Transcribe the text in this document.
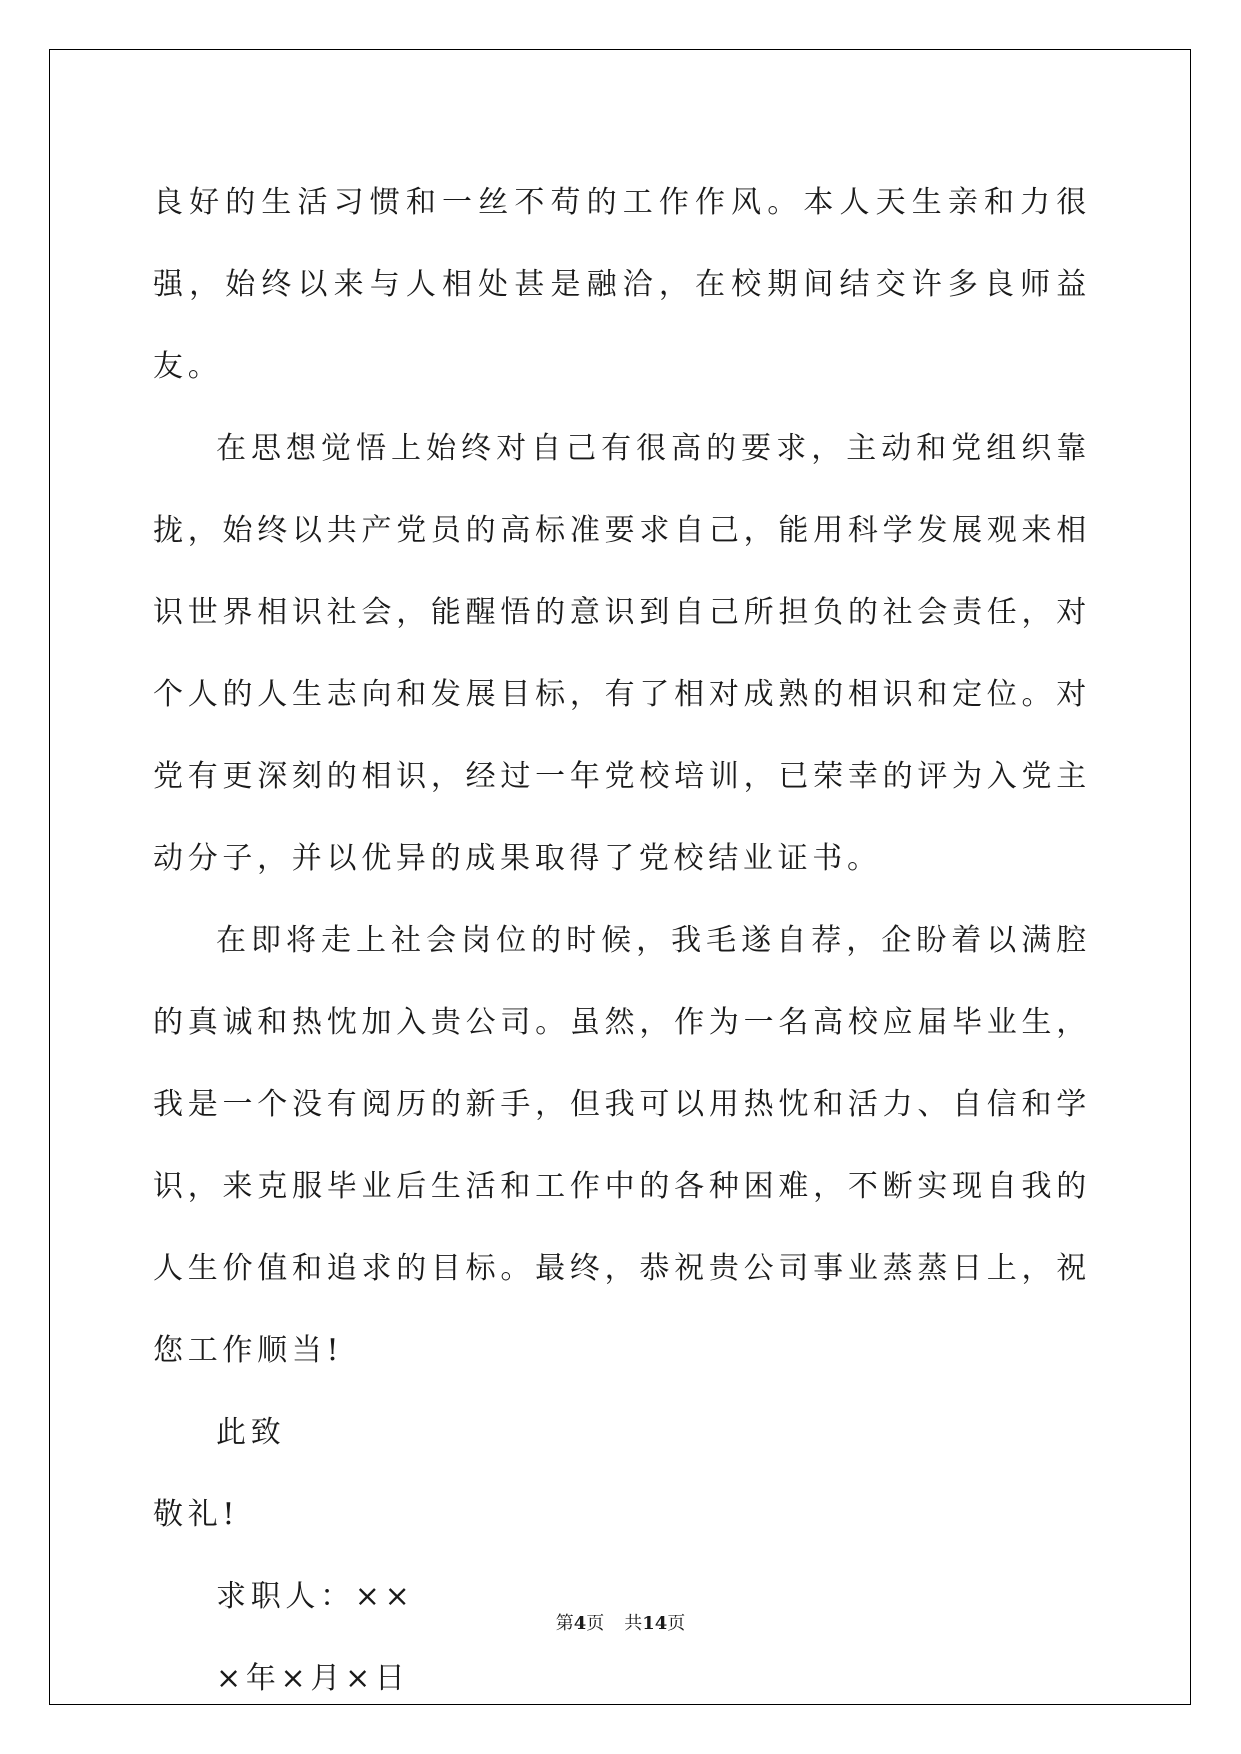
良好的生活习惯和一丝不苟的工作作风。本人天生亲和力很强，始终以来与人相处甚是融洽，在校期间结交许多良师益友。

在思想觉悟上始终对自己有很高的要求，主动和党组织靠拢，始终以共产党员的高标准要求自己，能用科学发展观来相识世界相识社会，能醒悟的意识到自己所担负的社会责任，对个人的人生志向和发展目标，有了相对成熟的相识和定位。对党有更深刻的相识，经过一年党校培训，已荣幸的评为入党主动分子，并以优异的成果取得了党校结业证书。

在即将走上社会岗位的时候，我毛遂自荐，企盼着以满腔的真诚和热忱加入贵公司。虽然，作为一名高校应届毕业生，我是一个没有阅历的新手，但我可以用热忱和活力、自信和学识，来克服毕业后生活和工作中的各种困难，不断实现自我的人生价值和追求的目标。最终，恭祝贵公司事业蒸蒸日上，祝您工作顺当!

此致

敬礼!

求职人：××

×年×月×日

第4页 共14页
